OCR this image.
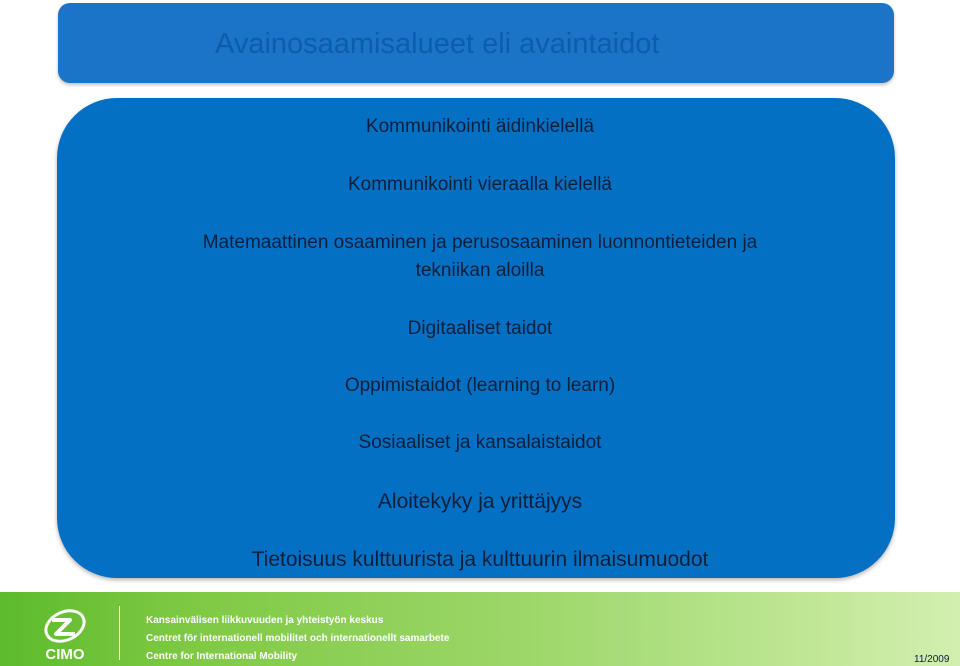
Avainosaamisalueet eli avaintaidot
Kommunikointi äidinkielellä
Kommunikointi vieraalla kielellä
Matemaattinen osaaminen ja perusosaaminen luonnontieteiden ja
tekniikan aloilla
Digitaaliset taidot
Oppimistaidot (learning to learn)
Sosiaaliset ja kansalaistaidot
Aloitekyky ja yrittäjyys
Tietoisuus kulttuurista ja kulttuurin ilmaisumuodot
CIMO
Kansainvälisen liikkuvuuden ja yhteistyön keskus
Centret för internationell mobilitet och internationellt samarbete
Centre for International Mobility	11/2009
